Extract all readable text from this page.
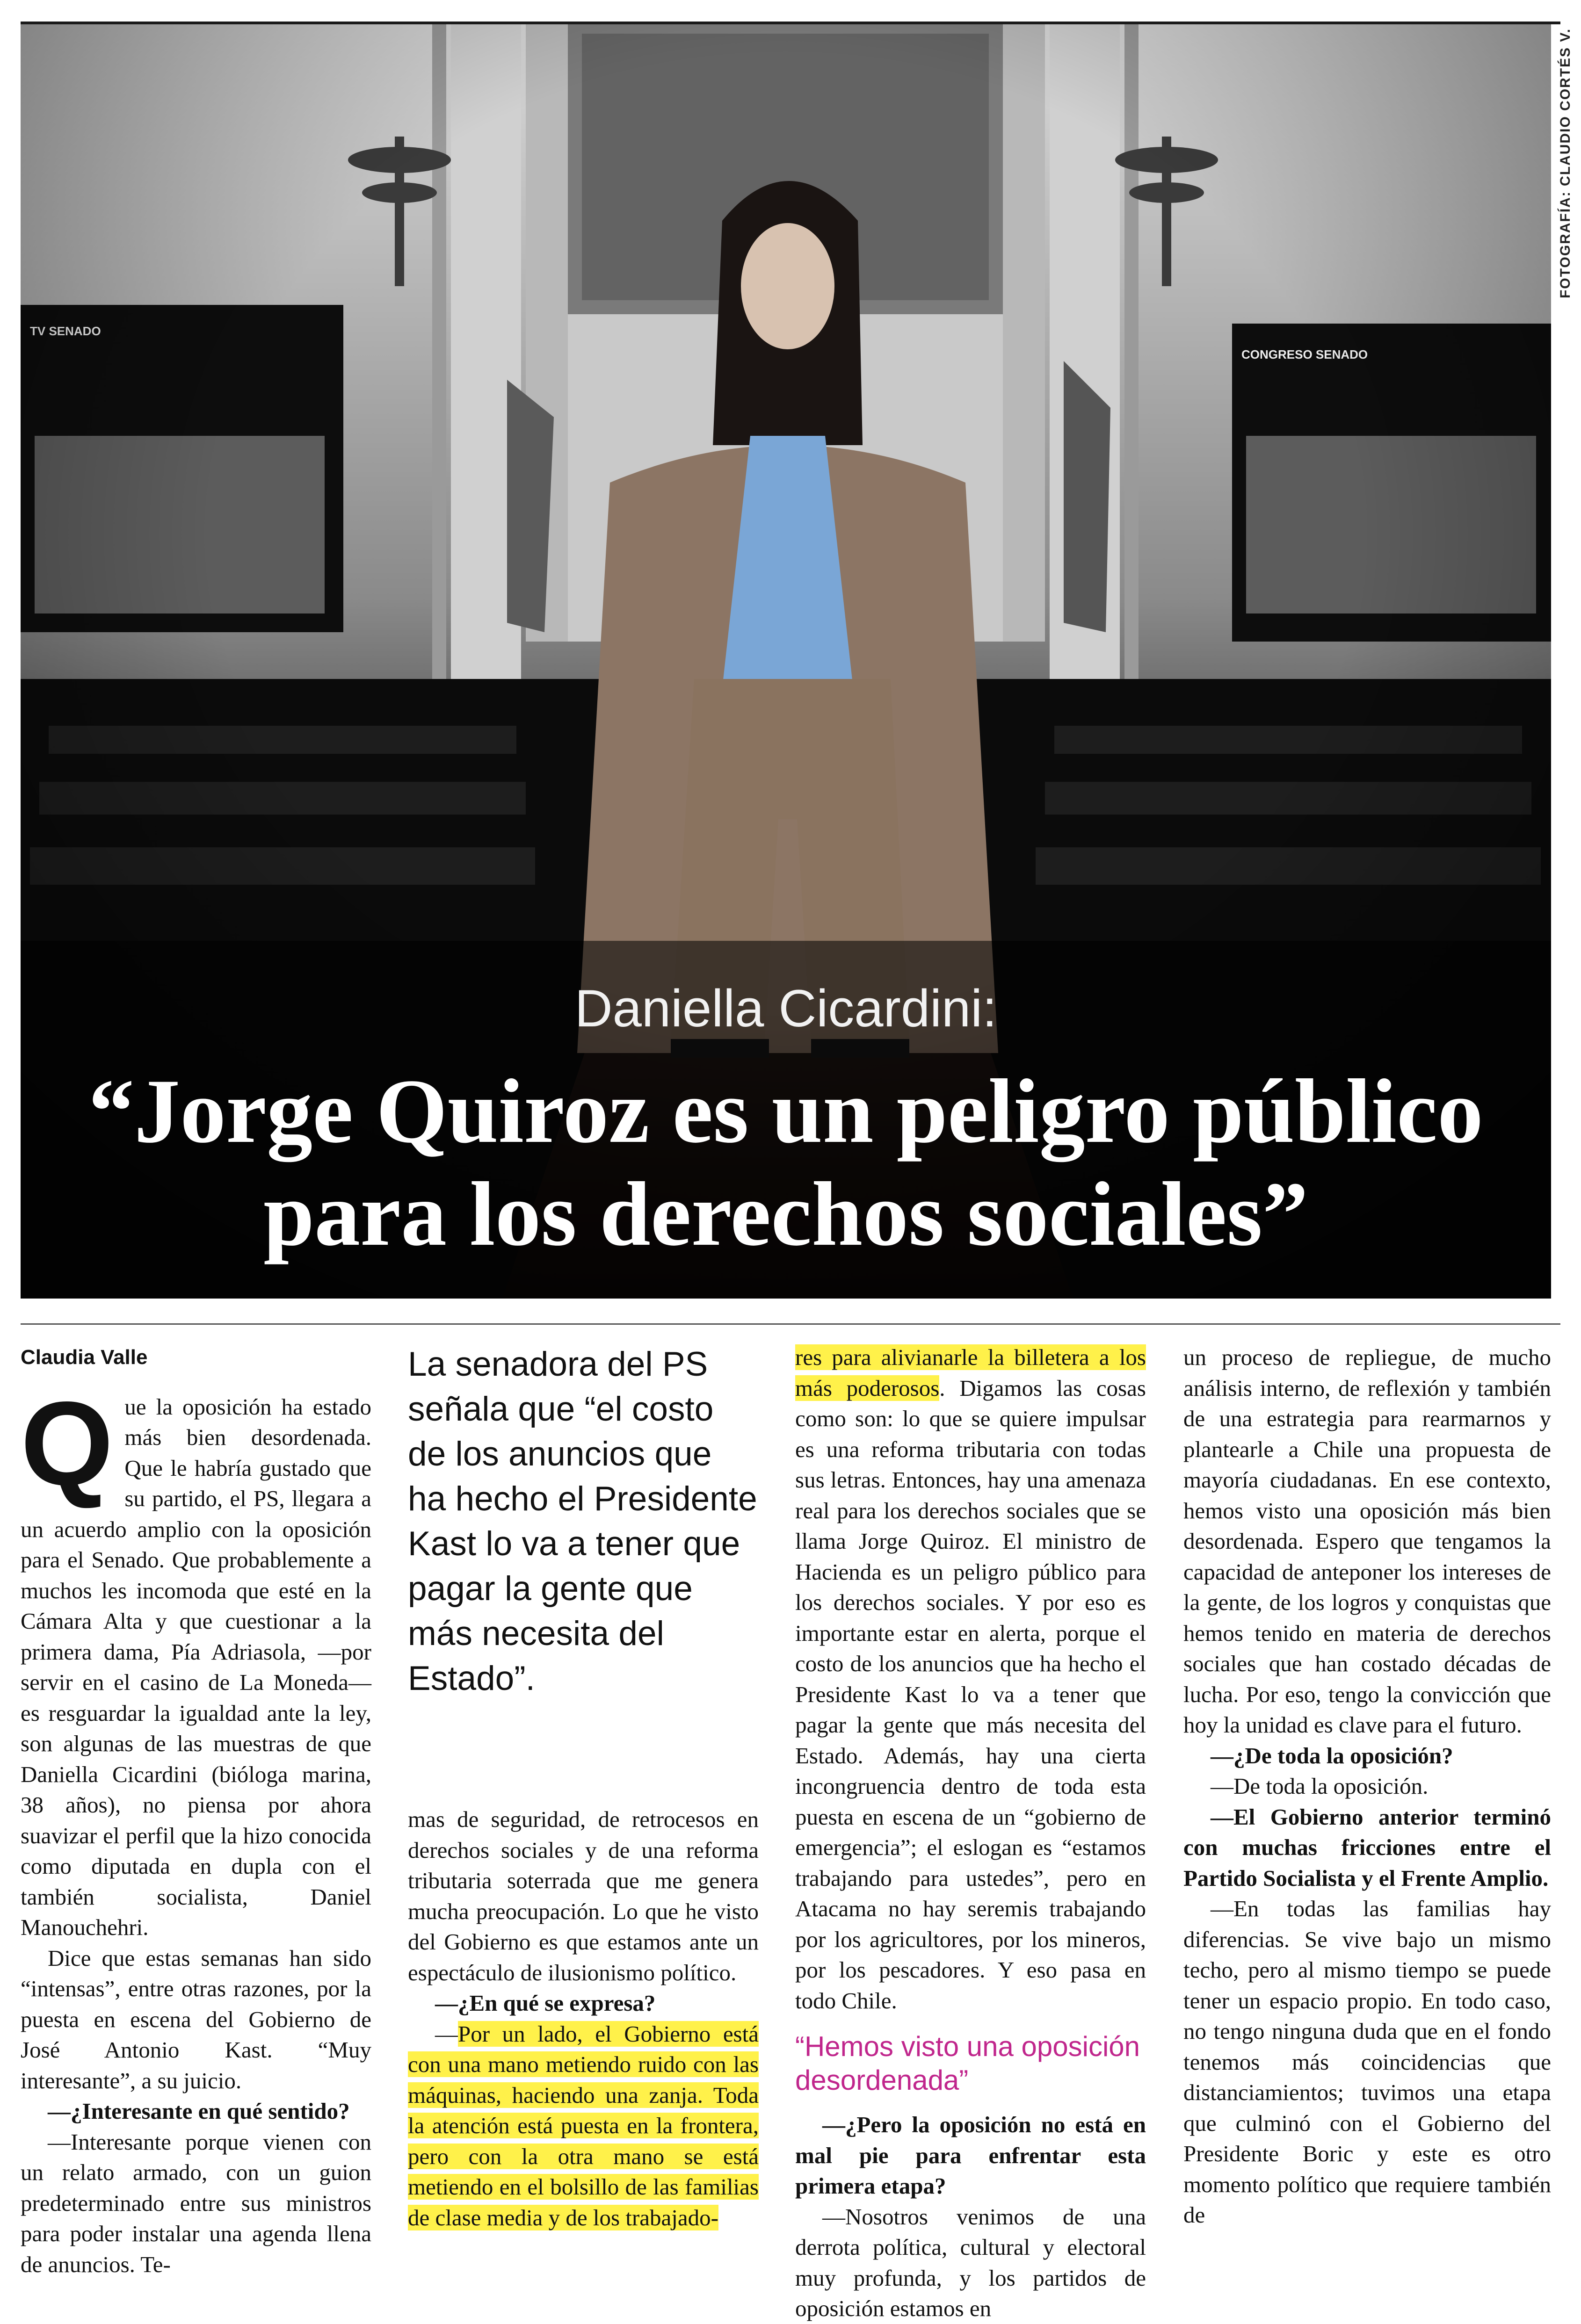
Daniella Cicardini:
“Jorge Quiroz es un peligro público
para los derechos sociales”
FOTOGRAFÍA: CLAUDIO CORTÉS V.
Claudia Valle
Q ue la oposición ha estado más bien desordenada. Que le habría gustado que su partido, el PS, llegara a un acuerdo amplio con la oposición para el Senado. Que probablemente a muchos les incomoda que esté en la Cámara Alta y que cuestionar a la primera dama, Pía Adriasola, —por servir en el casino de La Moneda— es resguardar la igualdad ante la ley, son algunas de las muestras de que Daniella Cicardini (bióloga marina, 38 años), no piensa por ahora suavizar el perfil que la hizo conocida como diputada en dupla con el también socialista, Daniel Manouchehri.

Dice que estas semanas han sido “intensas”, entre otras razones, por la puesta en escena del Gobierno de José Antonio Kast. “Muy interesante”, a su juicio.

—¿Interesante en qué sentido?

—Interesante porque vienen con un relato armado, con un guion predeterminado entre sus ministros para poder instalar una agenda llena de anuncios. Te-

La senadora del PS señala que “el costo de los anuncios que ha hecho el Presidente Kast lo va a tener que pagar la gente que más necesita del Estado”.

mas de seguridad, de retrocesos en derechos sociales y de una reforma tributaria soterrada que me genera mucha preocupación. Lo que he visto del Gobierno es que estamos ante un espectáculo de ilusionismo político.

—¿En qué se expresa?

—Por un lado, el Gobierno está con una mano metiendo ruido con las máquinas, haciendo una zanja. Toda la atención está puesta en la frontera, pero con la otra mano se está metiendo en el bolsillo de las familias de clase media y de los trabajado-

res para alivianarle la billetera a los más poderosos. Digamos las cosas como son: lo que se quiere impulsar es una reforma tributaria con todas sus letras. Entonces, hay una amenaza real para los derechos sociales que se llama Jorge Quiroz. El ministro de Hacienda es un peligro público para los derechos sociales. Y por eso es importante estar en alerta, porque el costo de los anuncios que ha hecho el Presidente Kast lo va a tener que pagar la gente que más necesita del Estado. Además, hay una cierta incongruencia dentro de toda esta puesta en escena de un “gobierno de emergencia”; el eslogan es “estamos trabajando para ustedes”, pero en Atacama no hay seremis trabajando por los agricultores, por los mineros, por los pescadores. Y eso pasa en todo Chile.

“Hemos visto una oposición desordenada”

—¿Pero la oposición no está en mal pie para enfrentar esta primera etapa?

—Nosotros venimos de una derrota política, cultural y electoral muy profunda, y los partidos de oposición estamos en

un proceso de repliegue, de mucho análisis interno, de reflexión y también de una estrategia para rearmarnos y plantearle a Chile una propuesta de mayoría ciudadanas. En ese contexto, hemos visto una oposición más bien desordenada. Espero que tengamos la capacidad de anteponer los intereses de la gente, de los logros y conquistas que hemos tenido en materia de derechos sociales que han costado décadas de lucha. Por eso, tengo la convicción que hoy la unidad es clave para el futuro.

—¿De toda la oposición?

—De toda la oposición.

—El Gobierno anterior terminó con muchas fricciones entre el Partido Socialista y el Frente Amplio.

—En todas las familias hay diferencias. Se vive bajo un mismo techo, pero al mismo tiempo se puede tener un espacio propio. En todo caso, no tengo ninguna duda que en el fondo tenemos más coincidencias que distanciamientos; tuvimos una etapa que culminó con el Gobierno del Presidente Boric y este es otro momento político que requiere también de
